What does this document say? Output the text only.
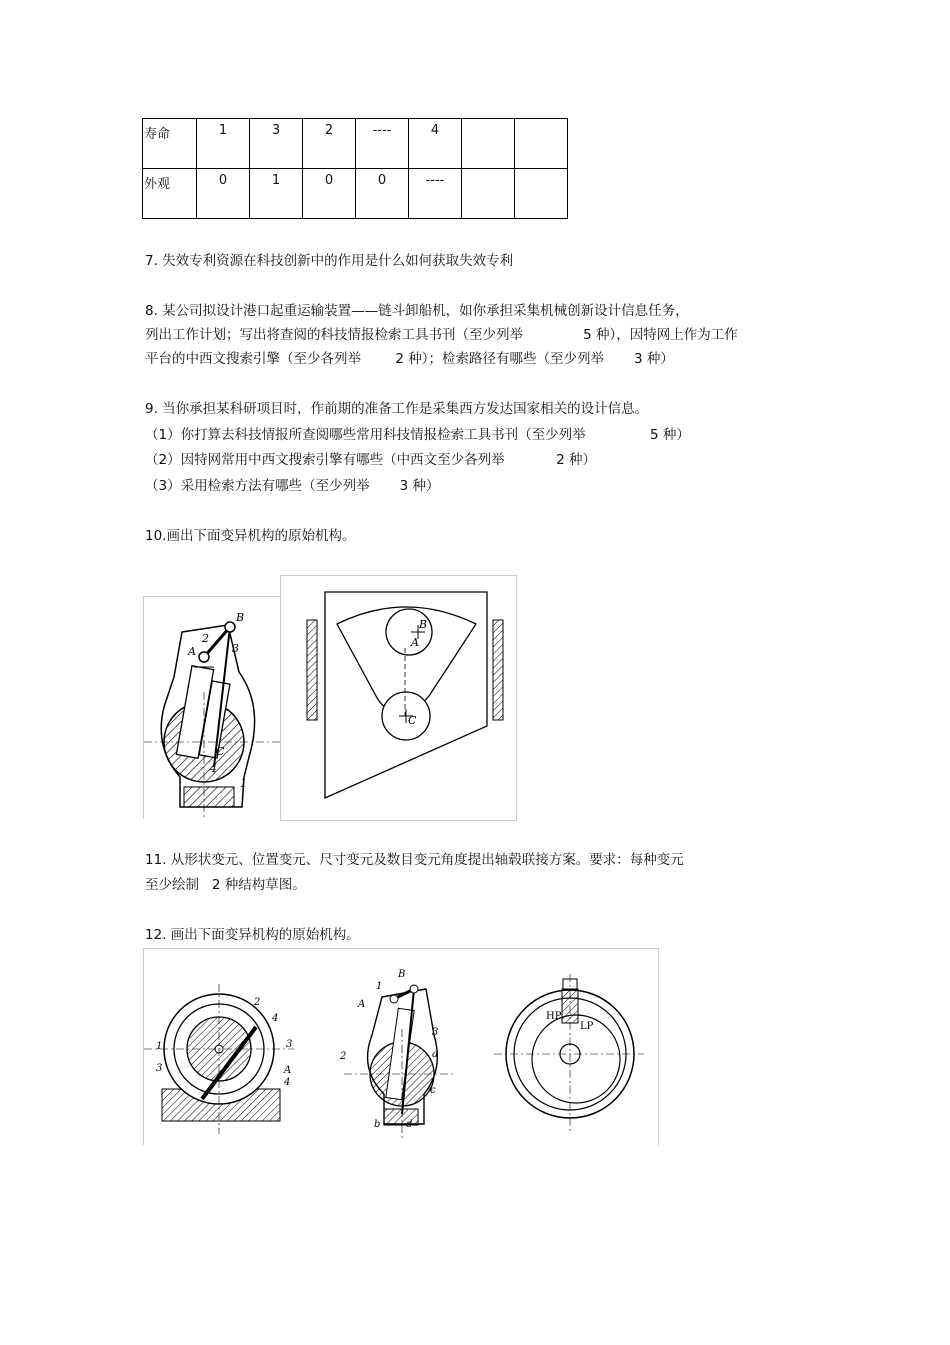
寿命	1	3	2	----	4		
外观	0	1	0	0	----		
7. 失效专利资源在科技创新中的作用是什么如何获取失效专利
8. 某公司拟设计港口起重运输装置——链斗卸船机，如你承担采集机械创新设计信息任务，
列出工作计划；写出将查阅的科技情报检索工具书刊（至少列举              5 种），因特网上作为工作
平台的中西文搜索引擎（至少各列举        2 种）；检索路径有哪些（至少列举       3 种）
9. 当你承担某科研项目时，作前期的准备工作是采集西方发达国家相关的设计信息。
（1）你打算去科技情报所查阅哪些常用科技情报检索工具书刊（至少列举               5 种）
（2）因特网常用中西文搜索引擎有哪些（中西文至少各列举            2 种）
（3）采用检索方法有哪些（至少列举       3 种）
10.画出下面变异机构的原始机构。
B
2
A	3
C
4
1
B
A
C
11. 从形状变元、位置变元、尺寸变元及数目变元角度提出轴毂联接方案。要求：每种变元
至少绘制   2 种结构草图。
12. 画出下面变异机构的原始机构。
2
4
1
3
3
A
4
B
1
A
3
2	a
c
b	d
HP
LP
